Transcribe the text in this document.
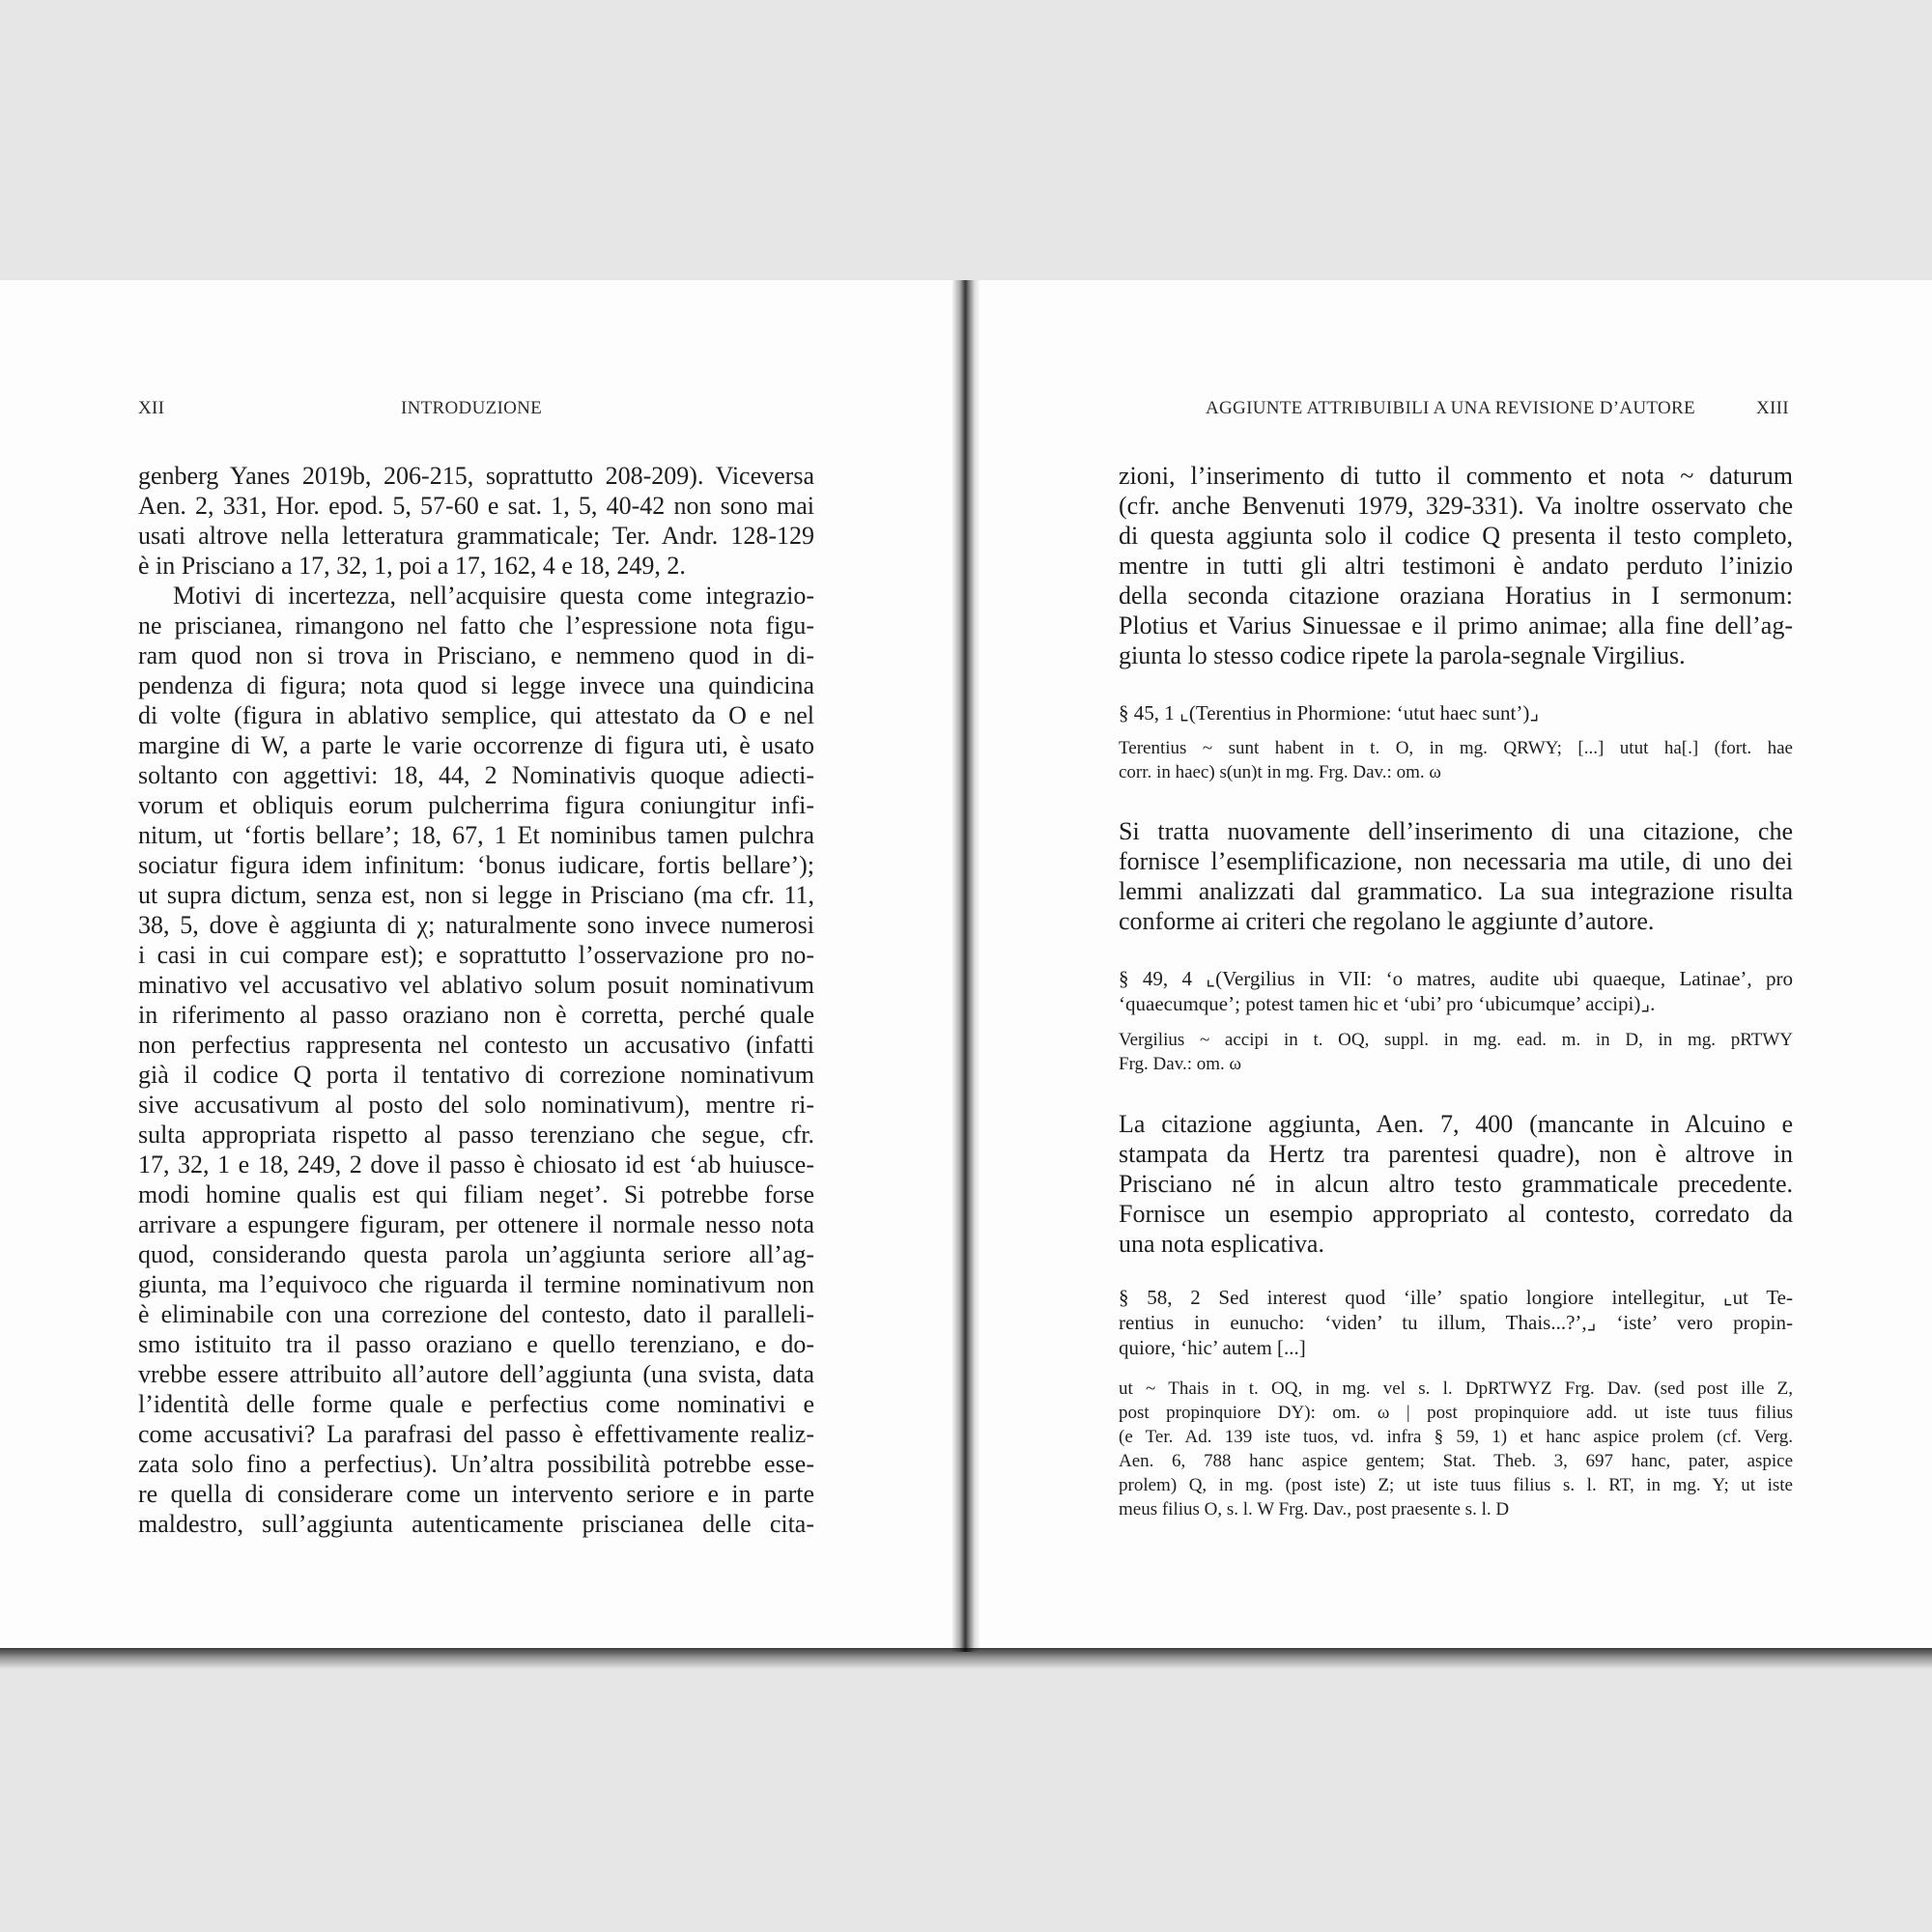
XII	INTRODUZIONE	AGGIUNTE ATTRIBUIBILI A UNA REVISIONE D’AUTORE	XIII
genberg Yanes 2019b, 206-215, soprattutto 208-209). Viceversa
Aen. 2, 331, Hor. epod. 5, 57-60 e sat. 1, 5, 40-42 non sono mai
usati altrove nella letteratura grammaticale; Ter. Andr. 128-129
è in Prisciano a 17, 32, 1, poi a 17, 162, 4 e 18, 249, 2.
Motivi di incertezza, nell’acquisire questa come integrazio-
ne priscianea, rimangono nel fatto che l’espressione nota figu-
ram quod non si trova in Prisciano, e nemmeno quod in di-
pendenza di figura; nota quod si legge invece una quindicina
di volte (figura in ablativo semplice, qui attestato da O e nel
margine di W, a parte le varie occorrenze di figura uti, è usato
soltanto con aggettivi: 18, 44, 2 Nominativis quoque adiecti-
vorum et obliquis eorum pulcherrima figura coniungitur infi-
nitum, ut ‘fortis bellare’; 18, 67, 1 Et nominibus tamen pulchra
sociatur figura idem infinitum: ‘bonus iudicare, fortis bellare’);
ut supra dictum, senza est, non si legge in Prisciano (ma cfr. 11,
38, 5, dove è aggiunta di χ; naturalmente sono invece numerosi
i casi in cui compare est); e soprattutto l’osservazione pro no-
minativo vel accusativo vel ablativo solum posuit nominativum
in riferimento al passo oraziano non è corretta, perché quale
non perfectius rappresenta nel contesto un accusativo (infatti
già il codice Q porta il tentativo di correzione nominativum
sive accusativum al posto del solo nominativum), mentre ri-
sulta appropriata rispetto al passo terenziano che segue, cfr.
17, 32, 1 e 18, 249, 2 dove il passo è chiosato id est ‘ab huiusce-
modi homine qualis est qui filiam neget’. Si potrebbe forse
arrivare a espungere figuram, per ottenere il normale nesso nota
quod, considerando questa parola un’aggiunta seriore all’ag-
giunta, ma l’equivoco che riguarda il termine nominativum non
è eliminabile con una correzione del contesto, dato il paralleli-
smo istituito tra il passo oraziano e quello terenziano, e do-
vrebbe essere attribuito all’autore dell’aggiunta (una svista, data
l’identità delle forme quale e perfectius come nominativi e
come accusativi? La parafrasi del passo è effettivamente realiz-
zata solo fino a perfectius). Un’altra possibilità potrebbe esse-
re quella di considerare come un intervento seriore e in parte
maldestro, sull’aggiunta autenticamente priscianea delle cita-
zioni, l’inserimento di tutto il commento et nota ~ daturum
(cfr. anche Benvenuti 1979, 329-331). Va inoltre osservato che
di questa aggiunta solo il codice Q presenta il testo completo,
mentre in tutti gli altri testimoni è andato perduto l’inizio
della seconda citazione oraziana Horatius in I sermonum:
Plotius et Varius Sinuessae e il primo animae; alla fine dell’ag-
giunta lo stesso codice ripete la parola-segnale Virgilius.
§ 45, 1 ⌞(Terentius in Phormione: ‘utut haec sunt’)⌟
Terentius ~ sunt habent in t. O, in mg. QRWY; [...] utut ha[.] (fort. hae
corr. in haec) s(un)t in mg. Frg. Dav.: om. ω
Si tratta nuovamente dell’inserimento di una citazione, che
fornisce l’esemplificazione, non necessaria ma utile, di uno dei
lemmi analizzati dal grammatico. La sua integrazione risulta
conforme ai criteri che regolano le aggiunte d’autore.
§ 49, 4 ⌞(Vergilius in VII: ‘o matres, audite ubi quaeque, Latinae’, pro
‘quaecumque’; potest tamen hic et ‘ubi’ pro ‘ubicumque’ accipi)⌟.
Vergilius ~ accipi in t. OQ, suppl. in mg. ead. m. in D, in mg. pRTWY
Frg. Dav.: om. ω
La citazione aggiunta, Aen. 7, 400 (mancante in Alcuino e
stampata da Hertz tra parentesi quadre), non è altrove in
Prisciano né in alcun altro testo grammaticale precedente.
Fornisce un esempio appropriato al contesto, corredato da
una nota esplicativa.
§ 58, 2 Sed interest quod ‘ille’ spatio longiore intellegitur, ⌞ut Te-
rentius in eunucho: ‘viden’ tu illum, Thais...?’,⌟ ‘iste’ vero propin-
quiore, ‘hic’ autem [...]
ut ~ Thais in t. OQ, in mg. vel s. l. DpRTWYZ Frg. Dav. (sed post ille Z,
post propinquiore DY): om. ω | post propinquiore add. ut iste tuus filius
(e Ter. Ad. 139 iste tuos, vd. infra § 59, 1) et hanc aspice prolem (cf. Verg.
Aen. 6, 788 hanc aspice gentem; Stat. Theb. 3, 697 hanc, pater, aspice
prolem) Q, in mg. (post iste) Z; ut iste tuus filius s. l. RT, in mg. Y; ut iste
meus filius O, s. l. W Frg. Dav., post praesente s. l. D
